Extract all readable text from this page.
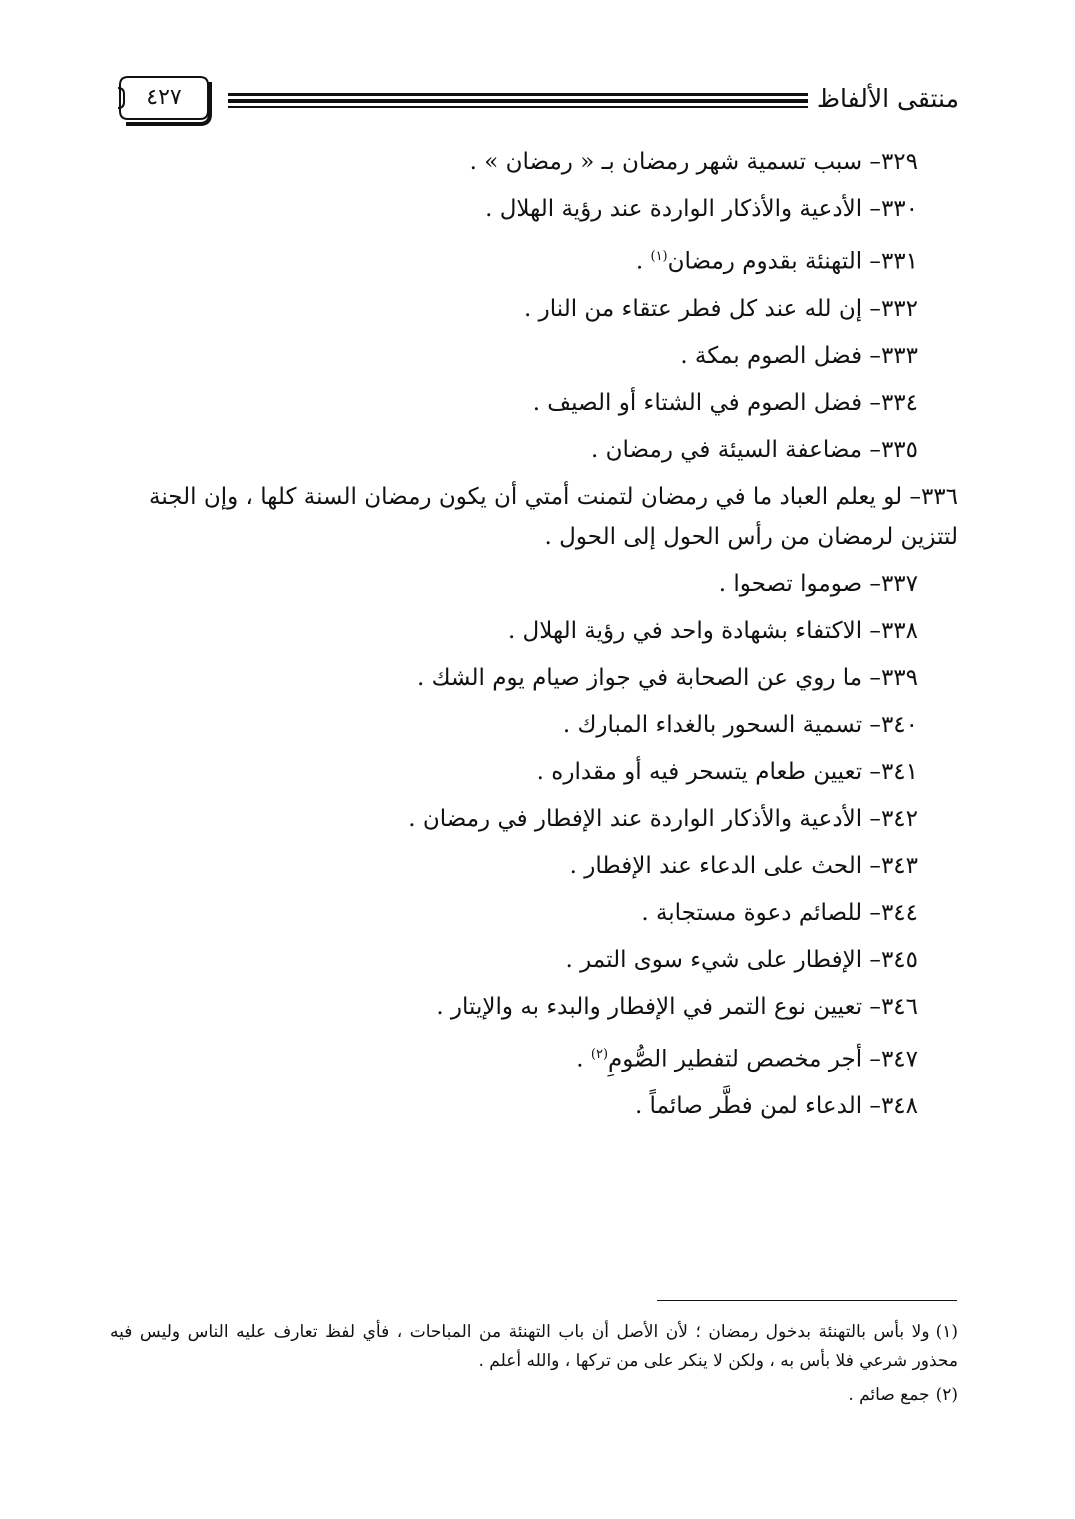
منتقى الألفاظ
٤٢٧

٣٢٩– سبب تسمية شهر رمضان بـ « رمضان » .

٣٣٠– الأدعية والأذكار الواردة عند رؤية الهلال .

٣٣١– التهنئة بقدوم رمضان$^{(١)}$ .

٣٣٢– إن لله عند كل فطر عتقاء من النار .

٣٣٣– فضل الصوم بمكة .

٣٣٤– فضل الصوم في الشتاء أو الصيف .

٣٣٥– مضاعفة السيئة في رمضان .

٣٣٦– لو يعلم العباد ما في رمضان لتمنت أمتي أن يكون رمضان السنة كلها ، وإن الجنة لتتزين لرمضان من رأس الحول إلى الحول .

٣٣٧– صوموا تصحوا .

٣٣٨– الاكتفاء بشهادة واحد في رؤية الهلال .

٣٣٩– ما روي عن الصحابة في جواز صيام يوم الشك .

٣٤٠– تسمية السحور بالغداء المبارك .

٣٤١– تعيين طعام يتسحر فيه أو مقداره .

٣٤٢– الأدعية والأذكار الواردة عند الإفطار في رمضان .

٣٤٣– الحث على الدعاء عند الإفطار .

٣٤٤– للصائم دعوة مستجابة .

٣٤٥– الإفطار على شيء سوى التمر .

٣٤٦– تعيين نوع التمر في الإفطار والبدء به والإيتار .

٣٤٧– أجر مخصص لتفطير الصُّومِ$^{(٢)}$ .

٣٤٨– الدعاء لمن فطَّر صائماً .

(١)ولا بأس بالتهنئة بدخول رمضان ؛ لأن الأصل أن باب التهنئة من المباحات ، فأي لفظ تعارف عليه الناس وليس فيه محذور شرعي فلا بأس به ، ولكن لا ينكر على من تركها ، والله أعلم .

(٢)جمع صائم .
